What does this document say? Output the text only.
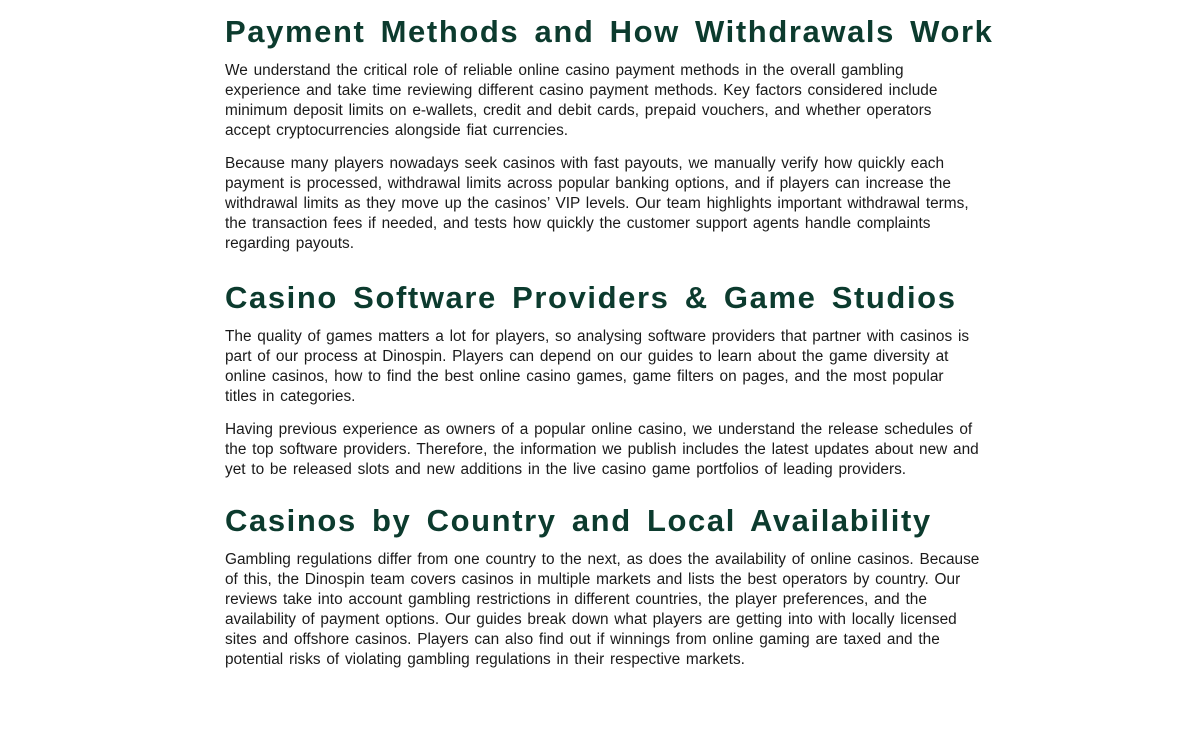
Payment Methods and How Withdrawals Work

We understand the critical role of reliable online casino payment methods in the overall gambling experience and take time reviewing different casino payment methods. Key factors considered include minimum deposit limits on e-wallets, credit and debit cards, prepaid vouchers, and whether operators accept cryptocurrencies alongside fiat currencies.

Because many players nowadays seek casinos with fast payouts, we manually verify how quickly each payment is processed, withdrawal limits across popular banking options, and if players can increase the withdrawal limits as they move up the casinos’ VIP levels. Our team highlights important withdrawal terms, the transaction fees if needed, and tests how quickly the customer support agents handle complaints regarding payouts.

Casino Software Providers & Game Studios

The quality of games matters a lot for players, so analysing software providers that partner with casinos is part of our process at Dinospin. Players can depend on our guides to learn about the game diversity at online casinos, how to find the best online casino games, game filters on pages, and the most popular titles in categories.

Having previous experience as owners of a popular online casino, we understand the release schedules of the top software providers. Therefore, the information we publish includes the latest updates about new and yet to be released slots and new additions in the live casino game portfolios of leading providers.

Casinos by Country and Local Availability

Gambling regulations differ from one country to the next, as does the availability of online casinos. Because of this, the Dinospin team covers casinos in multiple markets and lists the best operators by country. Our reviews take into account gambling restrictions in different countries, the player preferences, and the availability of payment options. Our guides break down what players are getting into with locally licensed sites and offshore casinos. Players can also find out if winnings from online gaming are taxed and the potential risks of violating gambling regulations in their respective markets.
